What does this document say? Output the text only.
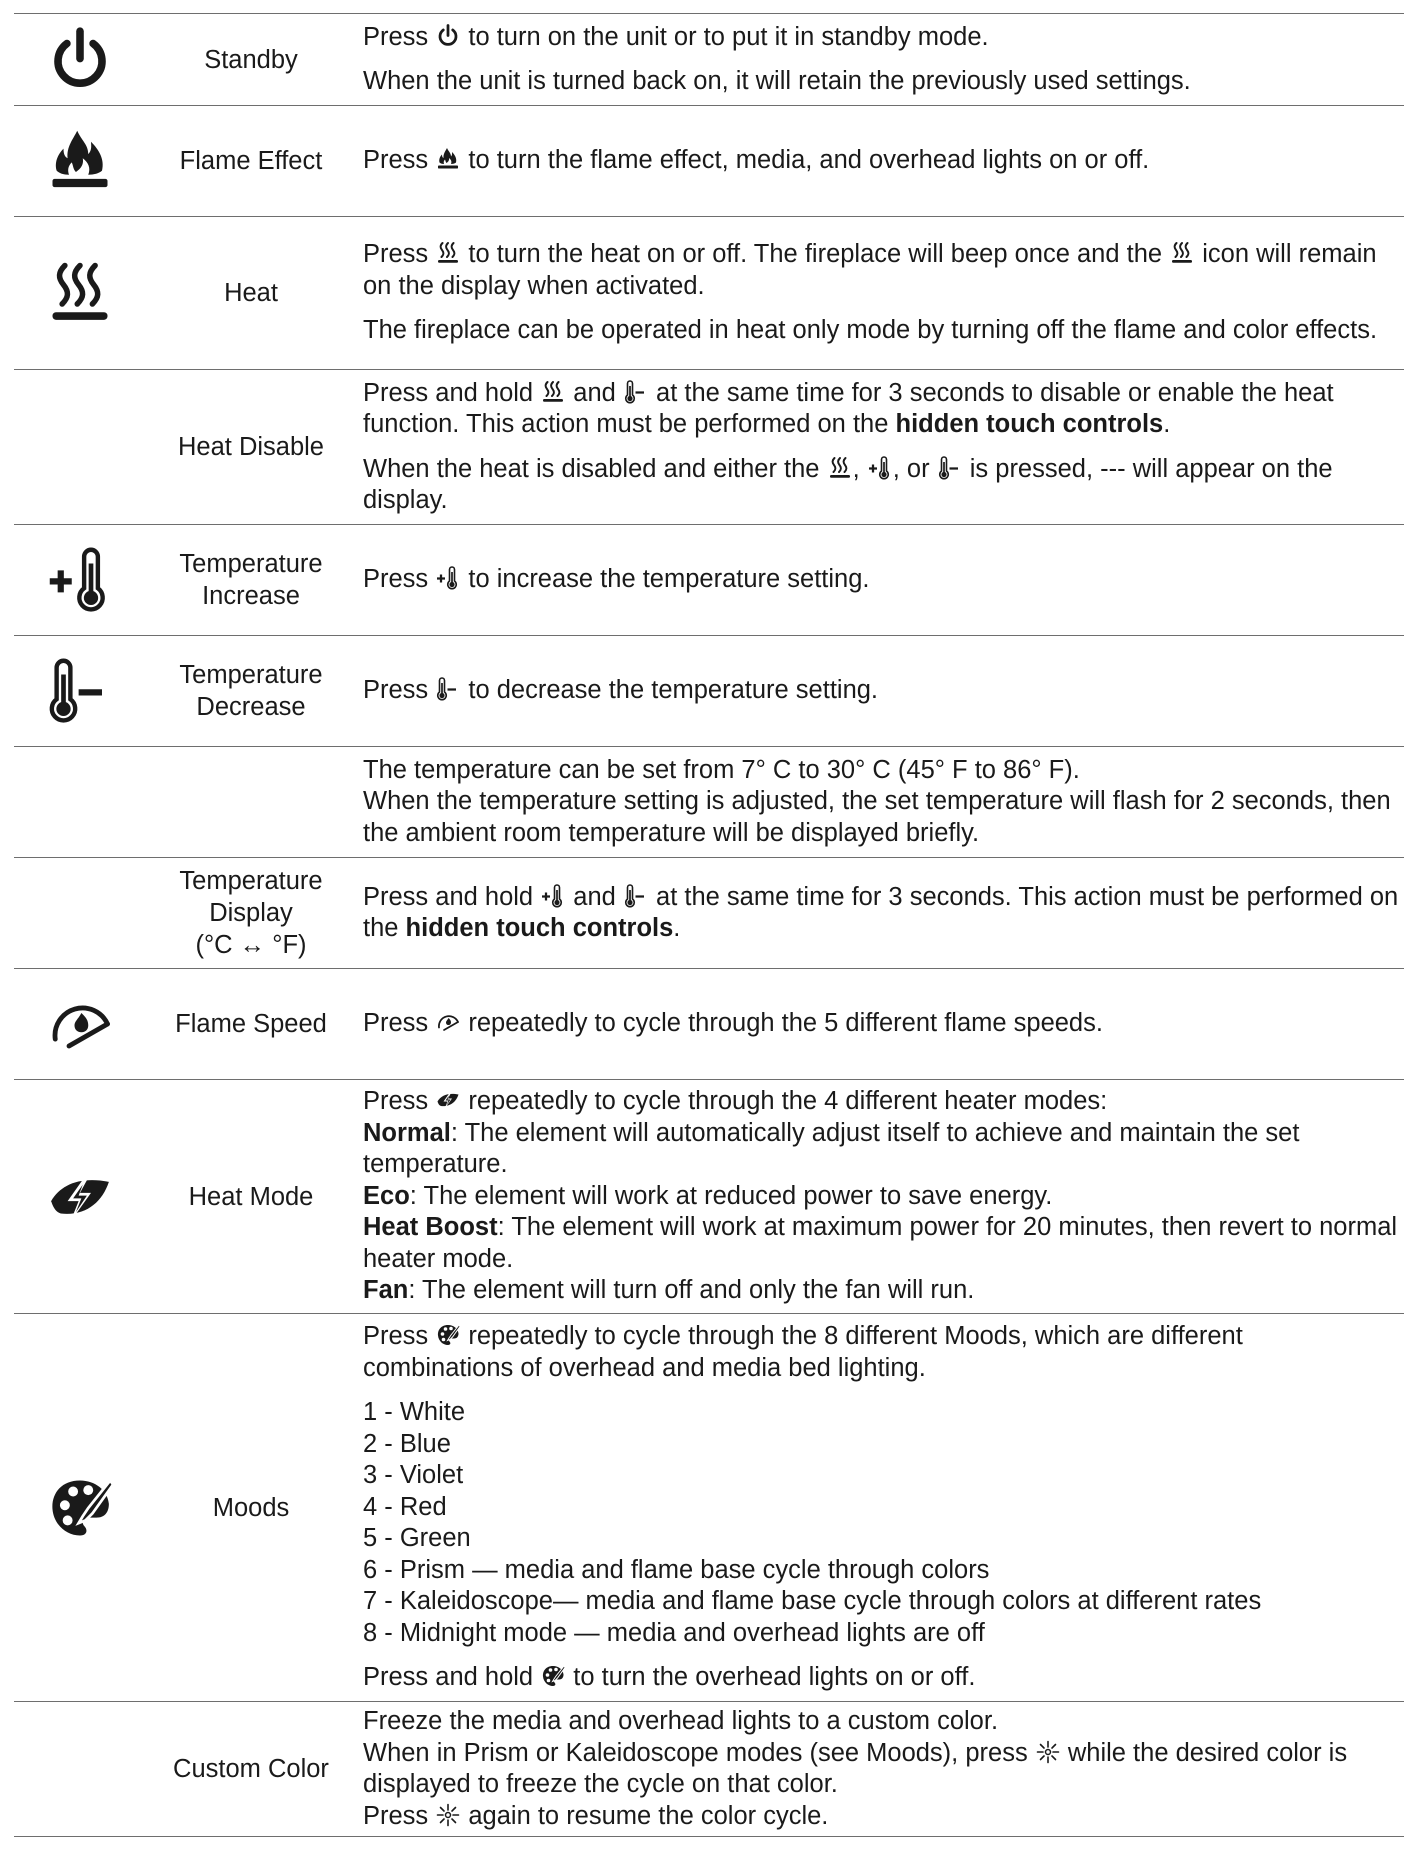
Standby

Press  to turn on the unit or to put it in standby mode.

When the unit is turned back on, it will retain the previously used settings.

Flame Effect	Press  to turn the flame effect, media, and overhead lights on or off.

Heat

Press  to turn the heat on or off. The fireplace will beep once and the  icon will remain on the display when activated.

The fireplace can be operated in heat only mode by turning off the flame and color effects.

Heat Disable

Press and hold  and  at the same time for 3 seconds to disable or enable the heat function. This action must be performed on the hidden touch controls.

When the heat is disabled and either the , , or  is pressed, --- will appear on the display.

Temperature
Increase

Press  to increase the temperature setting.

Temperature
Decrease

Press  to decrease the temperature setting.

The temperature can be set from 7° C to 30° C (45° F to 86° F).

When the temperature setting is adjusted, the set temperature will flash for 2 seconds, then the ambient room temperature will be displayed briefly.

Temperature
Display
(°C ↔ °F)

Press and hold  and  at the same time for 3 seconds. This action must be performed on the hidden touch controls.

Flame Speed	Press  repeatedly to cycle through the 5 different flame speeds.

Heat Mode

Press  repeatedly to cycle through the 4 different heater modes:

Normal: The element will automatically adjust itself to achieve and maintain the set temperature.

Eco: The element will work at reduced power to save energy.

Heat Boost: The element will work at maximum power for 20 minutes, then revert to normal heater mode.

Fan: The element will turn off and only the fan will run.

Moods

Press  repeatedly to cycle through the 8 different Moods, which are different combinations of overhead and media bed lighting.

1 - White
2 - Blue
3 - Violet
4 - Red
5 - Green
6 - Prism — media and flame base cycle through colors
7 - Kaleidoscope— media and flame base cycle through colors at different rates
8 - Midnight mode — media and overhead lights are off

Press and hold  to turn the overhead lights on or off.

Custom Color

Freeze the media and overhead lights to a custom color.

When in Prism or Kaleidoscope modes (see Moods), press  while the desired color is displayed to freeze the cycle on that color.

Press  again to resume the color cycle.
